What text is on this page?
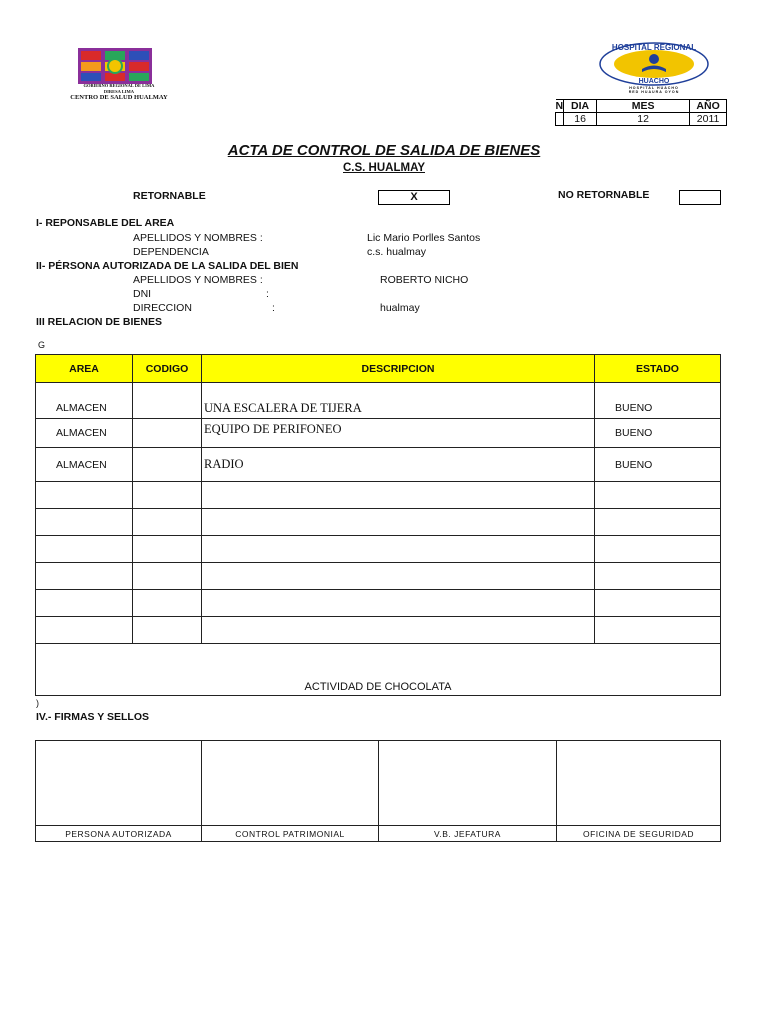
GOBIERNO REGIONAL DE LIMA
DIRESA LIMA
CENTRO DE SALUD HUALMAY
HOSPITAL REGIONAL
HUACHO
HOSPITAL HUACHO
RED HUAURA OYON
N	DIA	MES	AÑO
	16	12	2011
ACTA DE CONTROL DE SALIDA DE BIENES
C.S. HUALMAY
RETORNABLE	X	NO RETORNABLE
I- REPONSABLE DEL AREA
APELLIDOS Y NOMBRES :	Lic Mario Porlles Santos
DEPENDENCIA	c.s. hualmay
II- PÉRSONA AUTORIZADA DE LA SALIDA DEL BIEN
APELLIDOS Y NOMBRES :	ROBERTO NICHO
DNI	:
DIRECCION	:	hualmay
III RELACION DE BIENES
G
AREA	CODIGO	DESCRIPCION	ESTADO
ALMACEN		UNA ESCALERA DE TIJERA	BUENO
ALMACEN		EQUIPO DE PERIFONEO	BUENO
ALMACEN		RADIO	BUENO

ACTIVIDAD DE CHOCOLATA			
)
IV.- FIRMAS Y SELLOS

PERSONA AUTORIZADA	CONTROL PATRIMONIAL	V.B. JEFATURA	OFICINA DE SEGURIDAD
